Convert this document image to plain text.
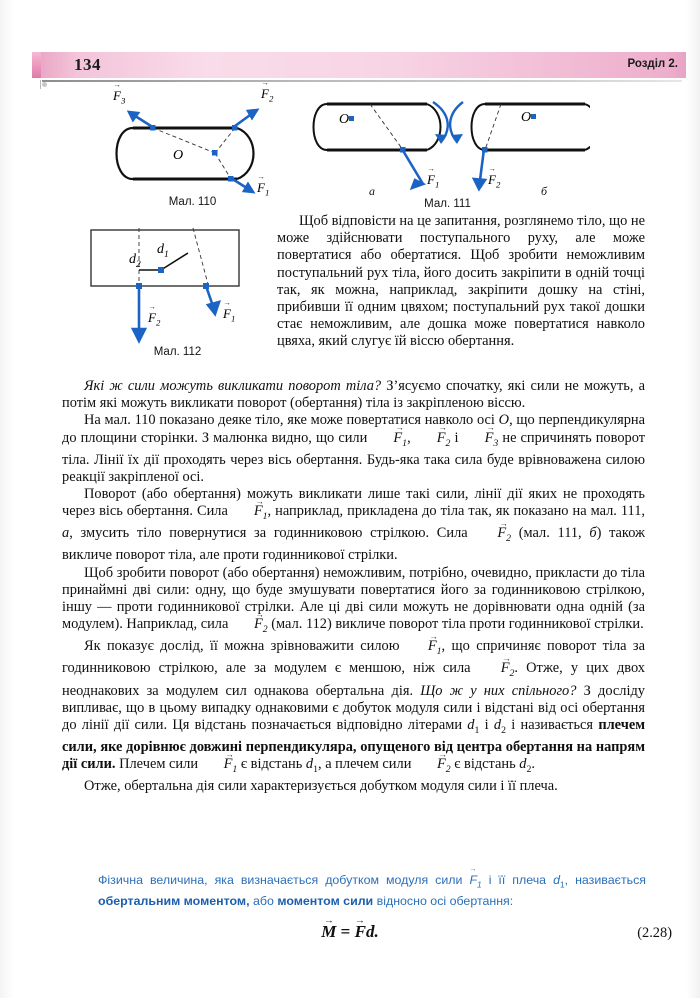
134	Розділ 2.
$F \to_3$	$F \to_2$
$F \to_1$
O
Мал. 110
O	O
$F \to_1$	$F \to_2$
а	б
Мал. 111
$d_2$
$d_1$
$F \to_1$
$F \to_2$
Мал. 112

Щоб відповісти на це запитання, розглянемо тіло, що не може здійснювати поступального руху, але може повертатися або обертатися. Щоб зробити неможливим поступальний рух тіла, його досить закріпити в одній точці так, як можна, наприклад, закріпити дошку на стіні, прибивши її одним цвяхом; поступальний рух такої дошки стає неможливим, але дошка може повертатися навколо цвяха, який слугує їй віссю обертання.

Які ж сили можуть викликати поворот тіла? З’ясуємо спочатку, які сили не можуть, а потім які можуть викликати поворот (обертання) тіла із закріпленою віссю.

На мал. 110 показано деяке тіло, яке може повертатися навколо осі O, що перпендикулярна до площини сторінки. З малюнка видно, що сили $F \to_1$, $F \to_2$ і $F \to_3$ не спричинять поворот тіла. Лінії їх дії проходять через вісь обертання. Будь-яка така сила буде врівноважена силою реакції закріпленої осі.

Поворот (або обертання) можуть викликати лише такі сили, лінії дії яких не проходять через вісь обертання. Сила $F \to_1$, наприклад, прикладена до тіла так, як показано на мал. 111, а, змусить тіло повернутися за годинниковою стрілкою. Сила $F \to_2$ (мал. 111, б) також викличе поворот тіла, але проти годинникової стрілки.

Щоб зробити поворот (або обертання) неможливим, потрібно, очевидно, прикласти до тіла принаймні дві сили: одну, що буде змушувати повертатися його за годинниковою стрілкою, іншу — проти годинникової стрілки. Але ці дві сили можуть не дорівнювати одна одній (за модулем). Наприклад, сила $F \to_2$ (мал. 112) викличе поворот тіла проти годинникової стрілки.

Як показує дослід, її можна зрівноважити силою $F \to_1$, що спричиняє поворот тіла за годинниковою стрілкою, але за модулем є меншою, ніж сила $F \to_2$. Отже, у цих двох неоднакових за модулем сил однакова обертальна дія. Що ж у них спільного? З досліду випливає, що в цьому випадку однаковими є добуток модуля сили і відстані від осі обертання до лінії дії сили. Ця відстань позначається відповідно літерами $d_1$ і $d_2$ і називається плечем сили, яке дорівнює довжині перпендикуляра, опущеного від центра обертання на напрям дії сили. Плечем сили $F \to_1$ є відстань $d_1$, а плечем сили $F \to_2$ є відстань $d_2$.

Отже, обертальна дія сили характеризується добутком модуля сили і її плеча.

Фізична величина, яка визначається добутком модуля сили $F \to_1$ і її плеча $d_1$, називається обертальним моментом, або моментом сили відносно осі обертання:
M → = F →d.	(2.28)
